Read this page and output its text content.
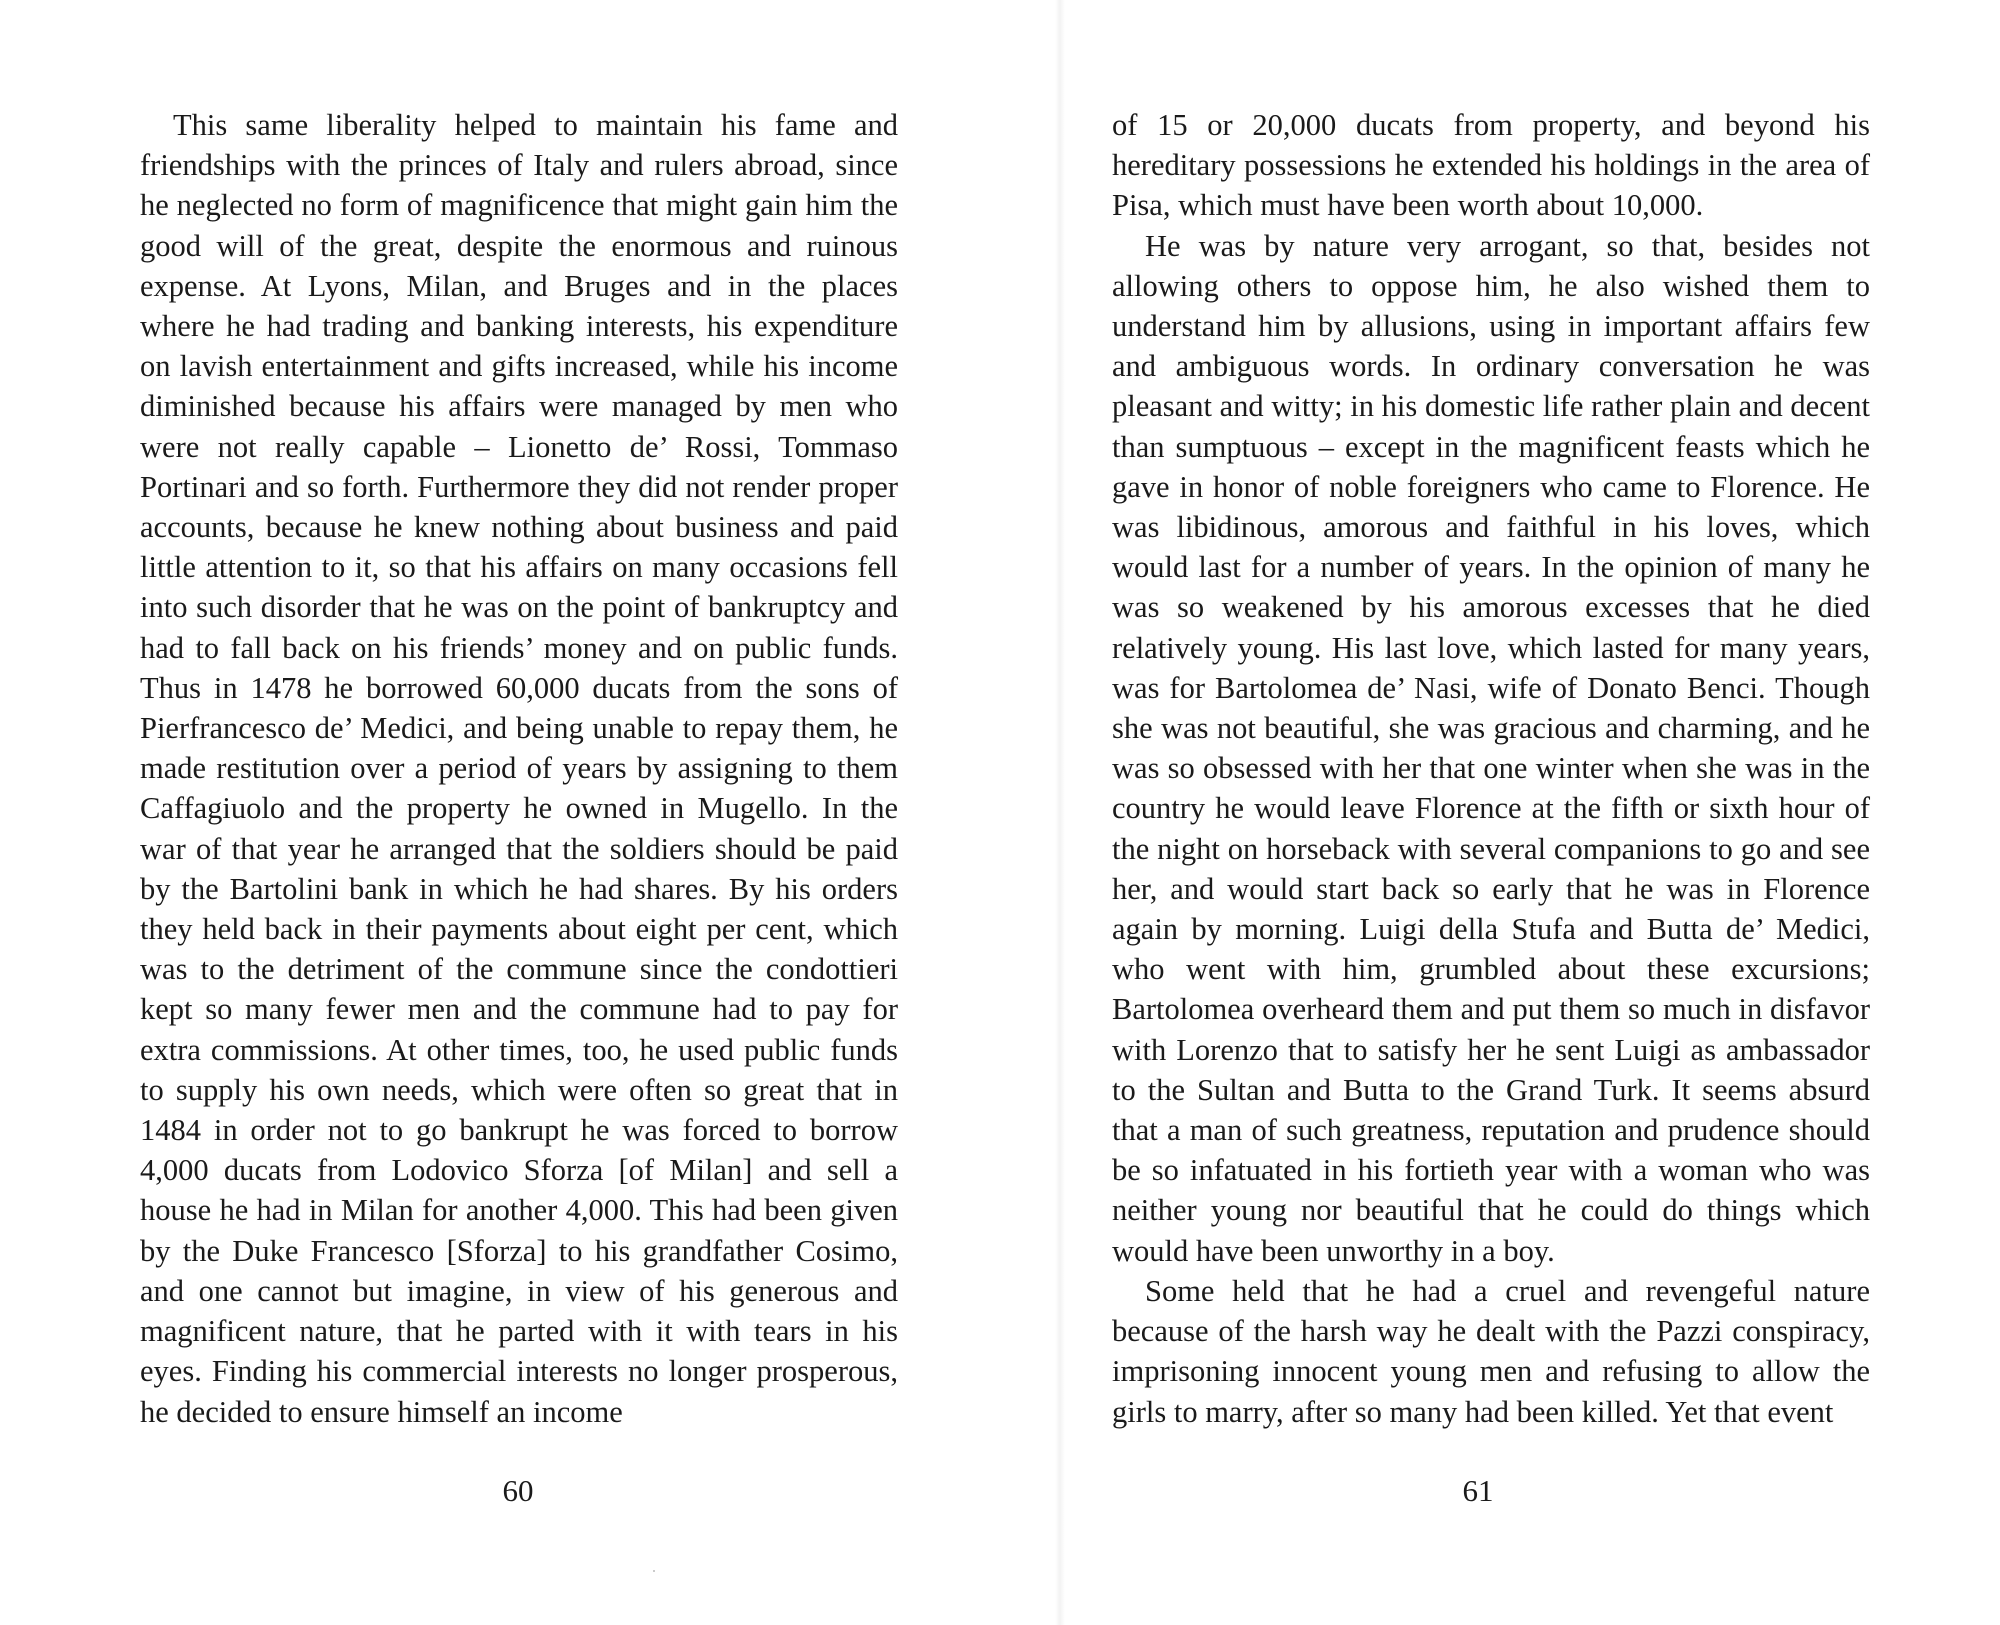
This same liberality helped to maintain his fame and friendships with the princes of Italy and rulers abroad, since he neglected no form of magnificence that might gain him the good will of the great, despite the enormous and ruinous expense. At Lyons, Milan, and Bruges and in the places where he had trading and banking interests, his expenditure on lavish entertainment and gifts increased, while his income diminished because his affairs were managed by men who were not really capable – Lionetto de’ Rossi, Tommaso Portinari and so forth. Furthermore they did not render proper accounts, because he knew nothing about business and paid little attention to it, so that his affairs on many occasions fell into such disorder that he was on the point of bankruptcy and had to fall back on his friends’ money and on public funds. Thus in 1478 he borrowed 60,000 ducats from the sons of Pierfrancesco de’ Medici, and being unable to repay them, he made restitution over a period of years by assigning to them Caffagiuolo and the property he owned in Mugello. In the war of that year he arranged that the soldiers should be paid by the Bartolini bank in which he had shares. By his orders they held back in their payments about eight per cent, which was to the detriment of the commune since the condottieri kept so many fewer men and the commune had to pay for extra commissions. At other times, too, he used public funds to supply his own needs, which were often so great that in 1484 in order not to go bankrupt he was forced to borrow 4,000 ducats from Lodovico Sforza [of Milan] and sell a house he had in Milan for another 4,000. This had been given by the Duke Francesco [Sforza] to his grandfather Cosimo, and one cannot but imagine, in view of his generous and magnificent nature, that he parted with it with tears in his eyes. Finding his commercial interests no longer prosperous, he decided to ensure himself an income

of 15 or 20,000 ducats from property, and beyond his hereditary possessions he extended his holdings in the area of Pisa, which must have been worth about 10,000.

He was by nature very arrogant, so that, besides not allowing others to oppose him, he also wished them to understand him by allusions, using in important affairs few and ambiguous words. In ordinary conversation he was pleasant and witty; in his domestic life rather plain and decent than sumptuous – except in the magnificent feasts which he gave in honor of noble foreigners who came to Florence. He was libidinous, amorous and faithful in his loves, which would last for a number of years. In the opinion of many he was so weakened by his amorous excesses that he died relatively young. His last love, which lasted for many years, was for Bartolomea de’ Nasi, wife of Donato Benci. Though she was not beautiful, she was gracious and charming, and he was so obsessed with her that one winter when she was in the country he would leave Florence at the fifth or sixth hour of the night on horseback with several companions to go and see her, and would start back so early that he was in Florence again by morning. Luigi della Stufa and Butta de’ Medici, who went with him, grumbled about these excursions; Bartolomea overheard them and put them so much in disfavor with Lorenzo that to satisfy her he sent Luigi as ambassador to the Sultan and Butta to the Grand Turk. It seems absurd that a man of such greatness, reputation and prudence should be so infatuated in his fortieth year with a woman who was neither young nor beautiful that he could do things which would have been unworthy in a boy.

Some held that he had a cruel and revengeful nature because of the harsh way he dealt with the Pazzi conspiracy, imprisoning innocent young men and refusing to allow the girls to marry, after so many had been killed. Yet that event

60	61
